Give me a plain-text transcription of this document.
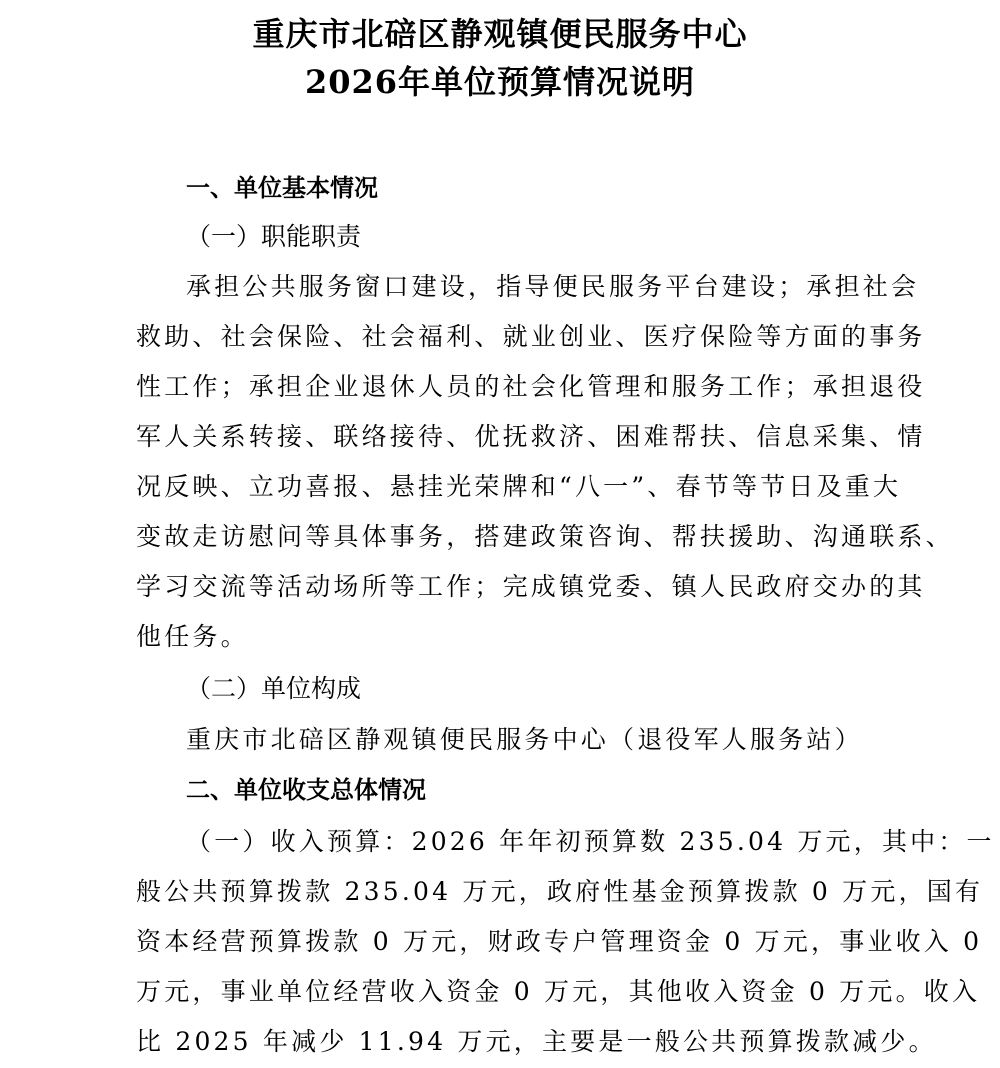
重庆市北碚区静观镇便民服务中心
2026年单位预算情况说明

一、单位基本情况

（一）职能职责

承担公共服务窗口建设，指导便民服务平台建设；承担社会

救助、社会保险、社会福利、就业创业、医疗保险等方面的事务

性工作；承担企业退休人员的社会化管理和服务工作；承担退役

军人关系转接、联络接待、优抚救济、困难帮扶、信息采集、情

况反映、立功喜报、悬挂光荣牌和“八一”、春节等节日及重大

变故走访慰问等具体事务，搭建政策咨询、帮扶援助、沟通联系、

学习交流等活动场所等工作；完成镇党委、镇人民政府交办的其

他任务。

（二）单位构成

重庆市北碚区静观镇便民服务中心（退役军人服务站）

二、单位收支总体情况

（一）收入预算：2026 年年初预算数 235.04 万元，其中：一

般公共预算拨款 235.04 万元，政府性基金预算拨款 0 万元，国有

资本经营预算拨款 0 万元，财政专户管理资金 0 万元，事业收入 0

万元，事业单位经营收入资金 0 万元，其他收入资金 0 万元。收入

比 2025 年减少 11.94 万元，主要是一般公共预算拨款减少。
